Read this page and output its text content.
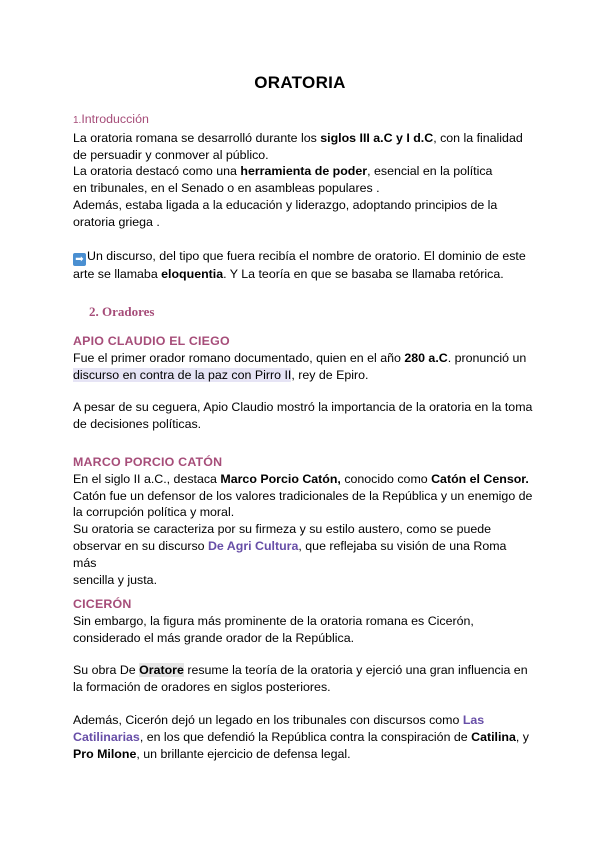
ORATORIA
1.Introducción

La oratoria romana se desarrolló durante los siglos III a.C y I d.C, con la finalidad
de persuadir y conmover al público.

La oratoria destacó como una herramienta de poder, esencial en la política
en tribunales, en el Senado o en asambleas populares .

Además, estaba ligada a la educación y liderazgo, adoptando principios de la
oratoria griega .

➡ Un discurso, del tipo que fuera recibía el nombre de oratorio. El dominio de este
arte se llamaba eloquentia. Y La teoría en que se basaba se llamaba retórica.

2. Oradores
APIO CLAUDIO EL CIEGO

Fue el primer orador romano documentado, quien en el año 280 a.C. pronunció un
discurso en contra de la paz con Pirro II, rey de Epiro.

A pesar de su ceguera, Apio Claudio mostró la importancia de la oratoria en la toma
de decisiones políticas.

MARCO PORCIO CATÓN

En el siglo II a.C., destaca Marco Porcio Catón, conocido como Catón el Censor.
Catón fue un defensor de los valores tradicionales de la República y un enemigo de
la corrupción política y moral.
Su oratoria se caracteriza por su firmeza y su estilo austero, como se puede
observar en su discurso De Agri Cultura, que reflejaba su visión de una Roma más
sencilla y justa.

CICERÓN

Sin embargo, la figura más prominente de la oratoria romana es Cicerón,
considerado el más grande orador de la República.

Su obra De Oratore resume la teoría de la oratoria y ejerció una gran influencia en
la formación de oradores en siglos posteriores.

Además, Cicerón dejó un legado en los tribunales con discursos como Las
Catilinarias, en los que defendió la República contra la conspiración de Catilina, y
Pro Milone, un brillante ejercicio de defensa legal.
